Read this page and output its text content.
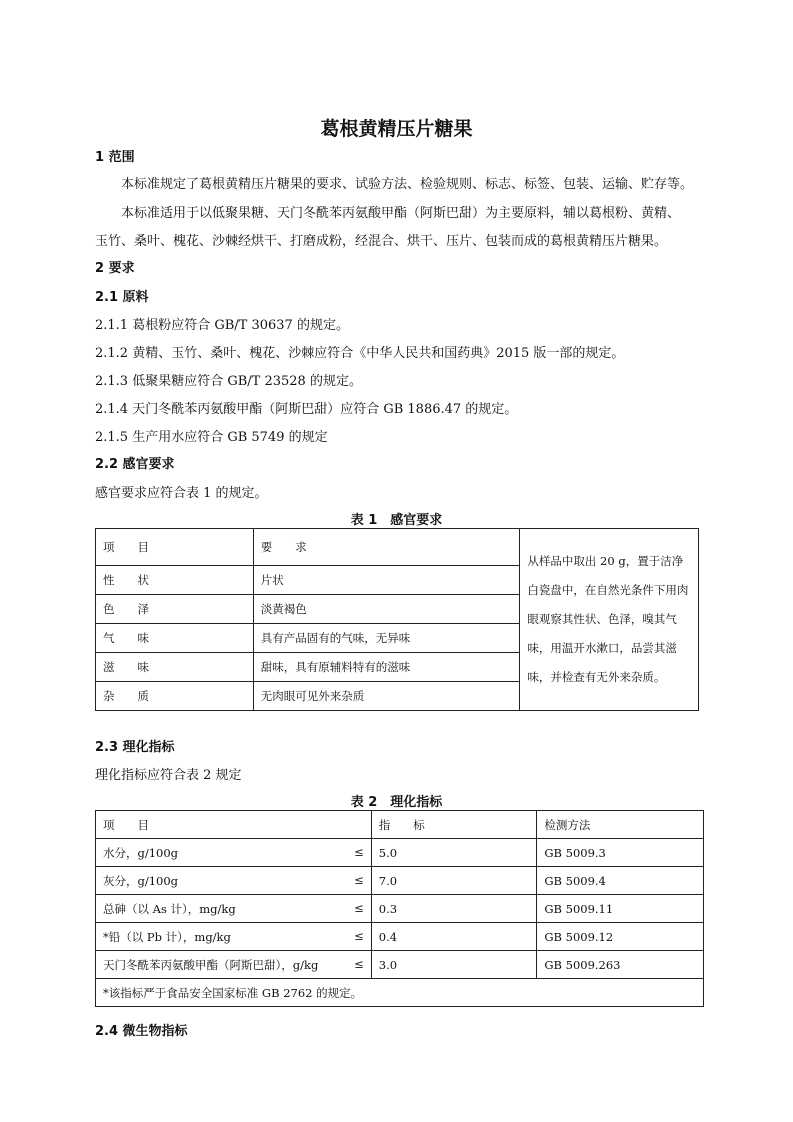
葛根黄精压片糖果
1 范围
本标准规定了葛根黄精压片糖果的要求、试验方法、检验规则、标志、标签、包装、运输、贮存等。
本标准适用于以低聚果糖、天门冬酰苯丙氨酸甲酯（阿斯巴甜）为主要原料，辅以葛根粉、黄精、
玉竹、桑叶、槐花、沙棘经烘干、打磨成粉，经混合、烘干、压片、包装而成的葛根黄精压片糖果。
2 要求
2.1 原料
2.1.1 葛根粉应符合 GB/T 30637 的规定。
2.1.2 黄精、玉竹、桑叶、槐花、沙棘应符合《中华人民共和国药典》2015 版一部的规定。
2.1.3 低聚果糖应符合 GB/T 23528 的规定。
2.1.4 天门冬酰苯丙氨酸甲酯（阿斯巴甜）应符合 GB 1886.47 的规定。
2.1.5 生产用水应符合 GB 5749 的规定
2.2 感官要求
感官要求应符合表 1 的规定。
表 1　感官要求
项　　目	要　　求	从样品中取出 20 g，置于洁净白瓷盘中，在自然光条件下用肉眼观察其性状、色泽，嗅其气味，用温开水漱口，品尝其滋味，并检查有无外来杂质。
性　　状	片状	
色　　泽	淡黄褐色	
气　　味	具有产品固有的气味，无异味	
滋　　味	甜味，具有原辅料特有的滋味	
杂　　质	无肉眼可见外来杂质	
2.3 理化指标
理化指标应符合表 2 规定
表 2　理化指标
项　　目	指　　标	检测方法
水分，g/100g ≤	5.0	GB 5009.3
灰分，g/100g ≤	7.0	GB 5009.4
总砷（以 As 计），mg/kg ≤	0.3	GB 5009.11
*铅（以 Pb 计），mg/kg ≤	0.4	GB 5009.12
天门冬酰苯丙氨酸甲酯（阿斯巴甜），g/kg ≤	3.0	GB 5009.263
*该指标严于食品安全国家标准 GB 2762 的规定。		
2.4 微生物指标
